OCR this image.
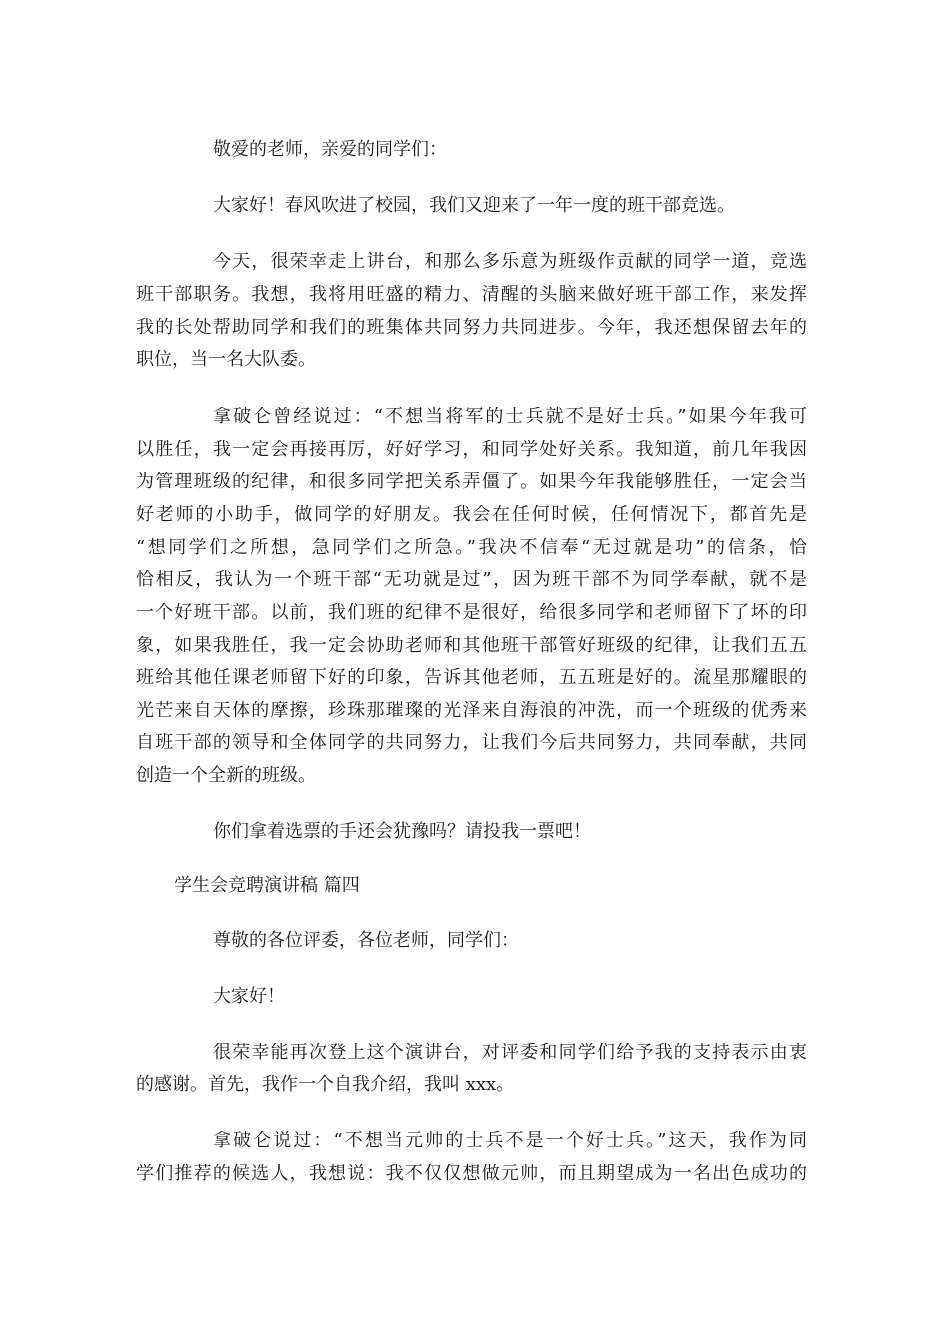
敬爱的老师，亲爱的同学们：

大家好！春风吹进了校园，我们又迎来了一年一度的班干部竞选。

今天，很荣幸走上讲台，和那么多乐意为班级作贡献的同学一道，竞选

班干部职务。我想，我将用旺盛的精力、清醒的头脑来做好班干部工作，来发挥

我的长处帮助同学和我们的班集体共同努力共同进步。今年，我还想保留去年的

职位，当一名大队委。

拿破仑曾经说过：“不想当将军的士兵就不是好士兵。”如果今年我可

以胜任，我一定会再接再厉，好好学习，和同学处好关系。我知道，前几年我因

为管理班级的纪律，和很多同学把关系弄僵了。如果今年我能够胜任，一定会当

好老师的小助手，做同学的好朋友。我会在任何时候，任何情况下，都首先是

“想同学们之所想，急同学们之所急。”我决不信奉“无过就是功”的信条，恰

恰相反，我认为一个班干部“无功就是过”，因为班干部不为同学奉献，就不是

一个好班干部。以前，我们班的纪律不是很好，给很多同学和老师留下了坏的印

象，如果我胜任，我一定会协助老师和其他班干部管好班级的纪律，让我们五五

班给其他任课老师留下好的印象，告诉其他老师，五五班是好的。流星那耀眼的

光芒来自天体的摩擦，珍珠那璀璨的光泽来自海浪的冲洗，而一个班级的优秀来

自班干部的领导和全体同学的共同努力，让我们今后共同努力，共同奉献，共同

创造一个全新的班级。

你们拿着选票的手还会犹豫吗？请投我一票吧！

学生会竞聘演讲稿 篇四

尊敬的各位评委，各位老师，同学们：

大家好！

很荣幸能再次登上这个演讲台，对评委和同学们给予我的支持表示由衷

的感谢。首先，我作一个自我介绍，我叫 xxx。

拿破仑说过：“不想当元帅的士兵不是一个好士兵。”这天，我作为同

学们推荐的候选人，我想说：我不仅仅想做元帅，而且期望成为一名出色成功的
